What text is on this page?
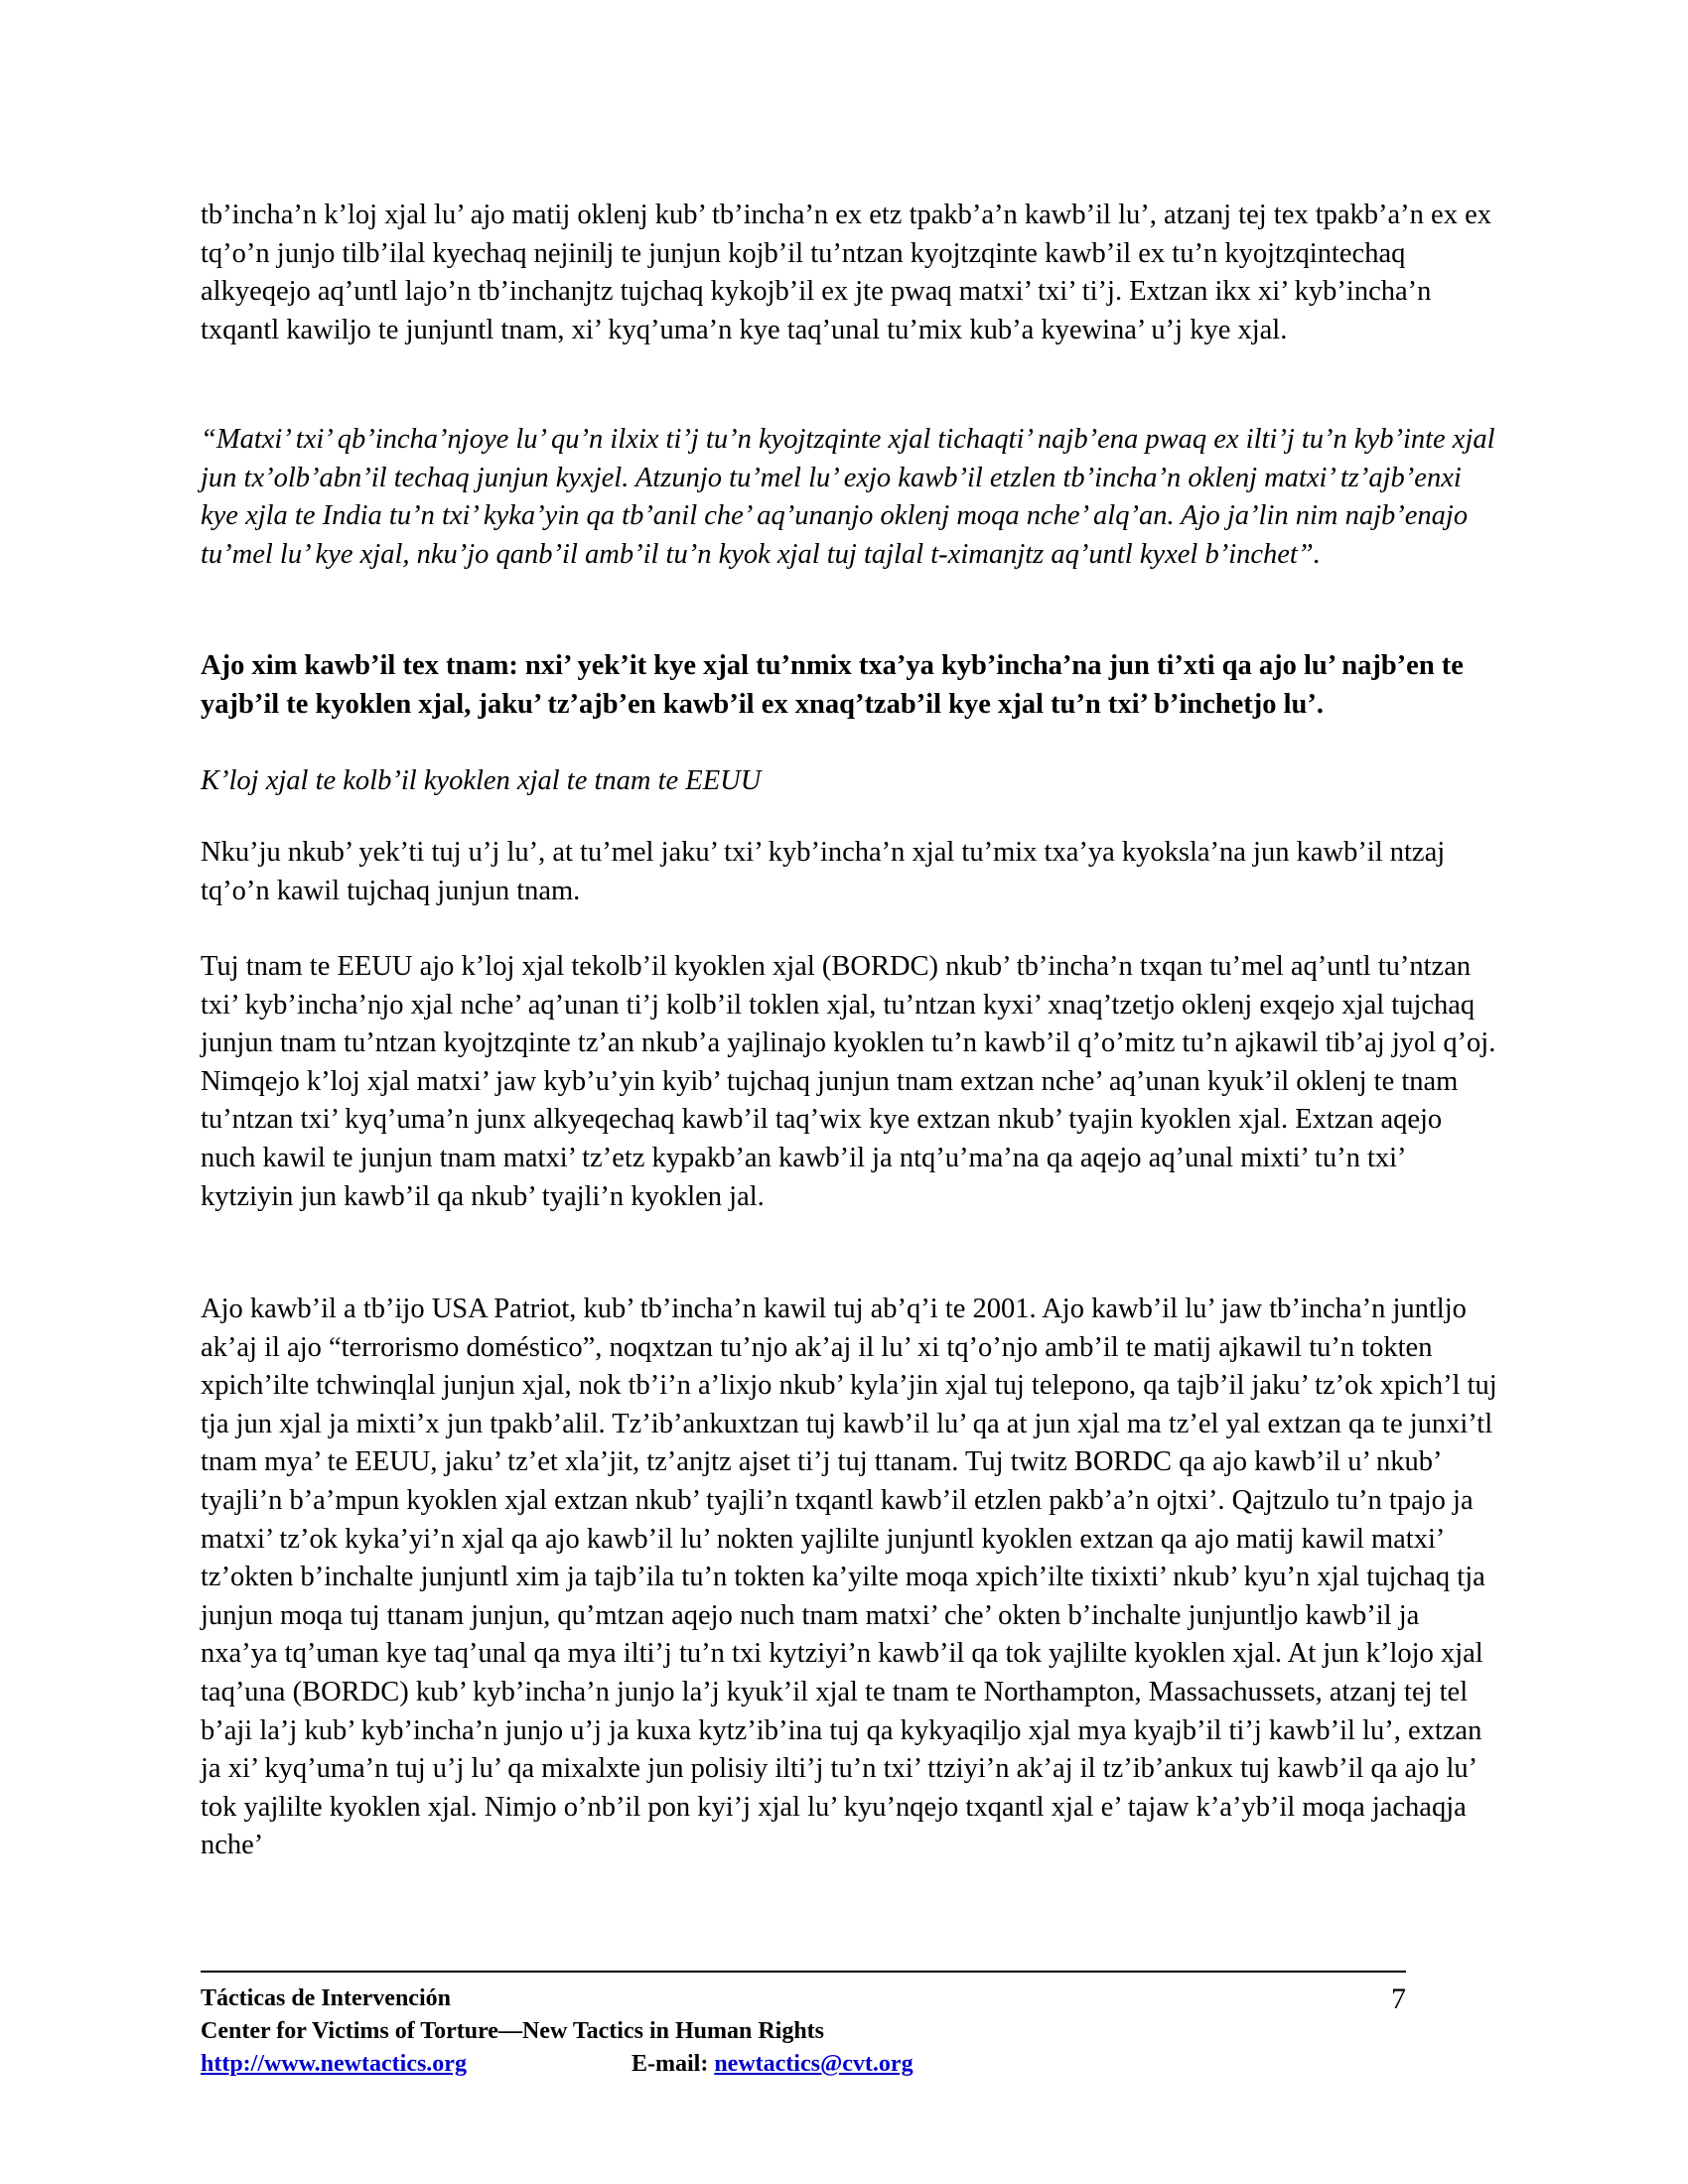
tb’incha’n k’loj xjal lu’ ajo matij oklenj kub’ tb’incha’n ex etz tpakb’a’n kawb’il lu’, atzanj tej tex tpakb’a’n ex ex tq’o’n junjo tilb’ilal kyechaq nejinilj te junjun kojb’il tu’ntzan kyojtzqinte kawb’il ex tu’n kyojtzqintechaq alkyeqejo aq’untl lajo’n tb’inchanjtz tujchaq kykojb’il ex jte pwaq matxi’ txi’ ti’j. Extzan ikx xi’ kyb’incha’n txqantl kawiljo te junjuntl tnam, xi’ kyq’uma’n kye taq’unal tu’mix kub’a kyewina’ u’j kye xjal.

“Matxi’ txi’ qb’incha’njoye lu’ qu’n ilxix ti’j tu’n kyojtzqinte xjal tichaqti’ najb’ena pwaq ex ilti’j tu’n kyb’inte xjal jun tx’olb’abn’il techaq junjun kyxjel. Atzunjo tu’mel lu’ exjo kawb’il etzlen tb’incha’n oklenj matxi’ tz’ajb’enxi kye xjla te India tu’n txi’ kyka’yin qa tb’anil che’ aq’unanjo oklenj moqa nche’ alq’an. Ajo ja’lin nim najb’enajo tu’mel lu’ kye xjal, nku’jo qanb’il amb’il tu’n kyok xjal tuj tajlal t-ximanjtz aq’untl kyxel b’inchet”.

Ajo xim kawb’il tex tnam: nxi’ yek’it kye xjal tu’nmix txa’ya kyb’incha’na jun ti’xti qa ajo lu’ najb’en te yajb’il te kyoklen xjal, jaku’ tz’ajb’en kawb’il ex xnaq’tzab’il kye xjal tu’n txi’ b’inchetjo lu’.

K’loj xjal te kolb’il kyoklen xjal te tnam te EEUU

Nku’ju nkub’ yek’ti tuj u’j lu’, at tu’mel jaku’ txi’ kyb’incha’n xjal tu’mix txa’ya kyoksla’na jun kawb’il ntzaj tq’o’n kawil tujchaq junjun tnam.

Tuj tnam te EEUU ajo k’loj xjal tekolb’il kyoklen xjal (BORDC) nkub’ tb’incha’n txqan tu’mel aq’untl tu’ntzan txi’ kyb’incha’njo xjal nche’ aq’unan ti’j kolb’il toklen xjal, tu’ntzan kyxi’ xnaq’tzetjo oklenj exqejo xjal tujchaq junjun tnam tu’ntzan kyojtzqinte tz’an nkub’a yajlinajo kyoklen tu’n kawb’il q’o’mitz tu’n ajkawil tib’aj jyol q’oj. Nimqejo k’loj xjal matxi’ jaw kyb’u’yin kyib’ tujchaq junjun tnam extzan nche’ aq’unan kyuk’il oklenj te tnam tu’ntzan txi’ kyq’uma’n junx alkyeqechaq kawb’il taq’wix kye extzan nkub’ tyajin kyoklen xjal. Extzan aqejo nuch kawil te junjun tnam matxi’ tz’etz kypakb’an kawb’il ja ntq’u’ma’na qa aqejo aq’unal mixti’ tu’n txi’ kytziyin jun kawb’il qa nkub’ tyajli’n kyoklen jal.

Ajo kawb’il a tb’ijo USA Patriot, kub’ tb’incha’n kawil tuj ab’q’i te 2001. Ajo kawb’il lu’ jaw tb’incha’n juntljo ak’aj il ajo “terrorismo doméstico”, noqxtzan tu’njo ak’aj il lu’ xi tq’o’njo amb’il te matij ajkawil tu’n tokten xpich’ilte tchwinqlal junjun xjal, nok tb’i’n a’lixjo nkub’ kyla’jin xjal tuj telepono, qa tajb’il jaku’ tz’ok xpich’l tuj tja jun xjal ja mixti’x jun tpakb’alil. Tz’ib’ankuxtzan tuj kawb’il lu’ qa at jun xjal ma tz’el yal extzan qa te junxi’tl tnam mya’ te EEUU, jaku’ tz’et xla’jit, tz’anjtz ajset ti’j tuj ttanam. Tuj twitz BORDC qa ajo kawb’il u’ nkub’ tyajli’n b’a’mpun kyoklen xjal extzan nkub’ tyajli’n txqantl kawb’il etzlen pakb’a’n ojtxi’. Qajtzulo tu’n tpajo ja matxi’ tz’ok kyka’yi’n xjal qa ajo kawb’il lu’ nokten yajlilte junjuntl kyoklen extzan qa ajo matij kawil matxi’ tz’okten b’inchalte junjuntl xim ja tajb’ila tu’n tokten ka’yilte moqa xpich’ilte tixixti’ nkub’ kyu’n xjal tujchaq tja junjun moqa tuj ttanam junjun, qu’mtzan aqejo nuch tnam matxi’ che’ okten b’inchalte junjuntljo kawb’il ja nxa’ya tq’uman kye taq’unal qa mya ilti’j tu’n txi kytziyi’n kawb’il qa tok yajlilte kyoklen xjal. At jun k’lojo xjal taq’una (BORDC) kub’ kyb’incha’n junjo la’j kyuk’il xjal te tnam te Northampton, Massachussets, atzanj tej tel b’aji la’j kub’ kyb’incha’n junjo u’j ja kuxa kytz’ib’ina tuj qa kykyaqiljo xjal mya kyajb’il ti’j kawb’il lu’, extzan ja xi’ kyq’uma’n tuj u’j lu’ qa mixalxte jun polisiy ilti’j tu’n txi’ ttziyi’n ak’aj il tz’ib’ankux tuj kawb’il qa ajo lu’ tok yajlilte kyoklen xjal. Nimjo o’nb’il pon kyi’j xjal lu’ kyu’nqejo txqantl xjal e’ tajaw k’a’yb’il moqa jachaqja nche’

Tácticas de Intervención	7
Center for Victims of Torture—New Tactics in Human Rights
http://www.newtactics.org	E-mail: newtactics@cvt.org
